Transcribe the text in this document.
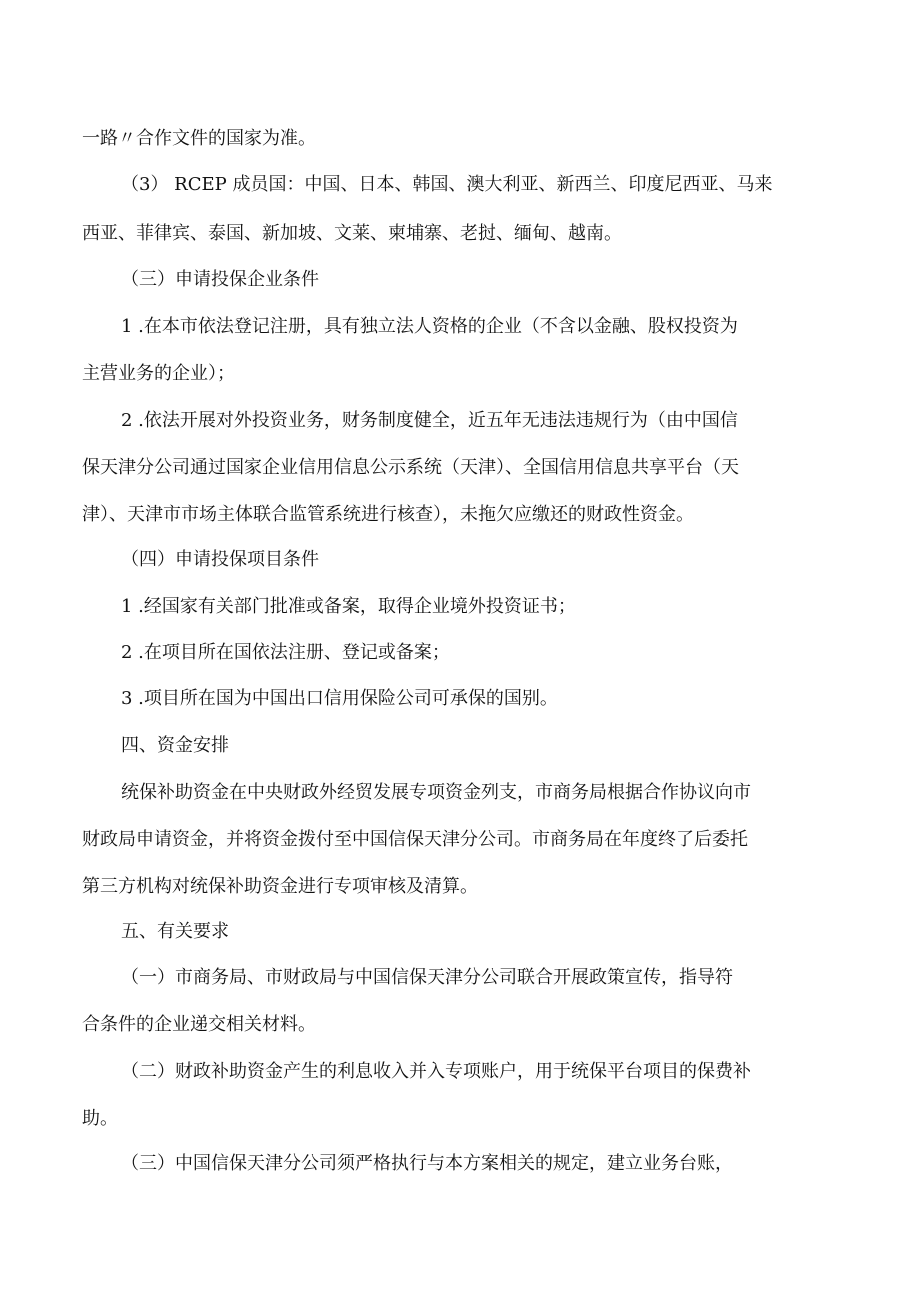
一路〃合作文件的国家为准。
（3） RCEP 成员国：中国、日本、韩国、澳大利亚、新西兰、印度尼西亚、马来
西亚、菲律宾、泰国、新加坡、文莱、柬埔寨、老挝、缅甸、越南。
（三）申请投保企业条件
1 .在本市依法登记注册，具有独立法人资格的企业（不含以金融、股权投资为
主营业务的企业）；
2 .依法开展对外投资业务，财务制度健全，近五年无违法违规行为（由中国信
保天津分公司通过国家企业信用信息公示系统（天津）、全国信用信息共享平台（天
津）、天津市市场主体联合监管系统进行核查），未拖欠应缴还的财政性资金。
（四）申请投保项目条件
1 .经国家有关部门批准或备案，取得企业境外投资证书；
2 .在项目所在国依法注册、登记或备案；
3 .项目所在国为中国出口信用保险公司可承保的国别。
四、资金安排
统保补助资金在中央财政外经贸发展专项资金列支，市商务局根据合作协议向市
财政局申请资金，并将资金拨付至中国信保天津分公司。市商务局在年度终了后委托
第三方机构对统保补助资金进行专项审核及清算。
五、有关要求
（一）市商务局、市财政局与中国信保天津分公司联合开展政策宣传，指导符
合条件的企业递交相关材料。
（二）财政补助资金产生的利息收入并入专项账户，用于统保平台项目的保费补
助。
（三）中国信保天津分公司须严格执行与本方案相关的规定，建立业务台账，
